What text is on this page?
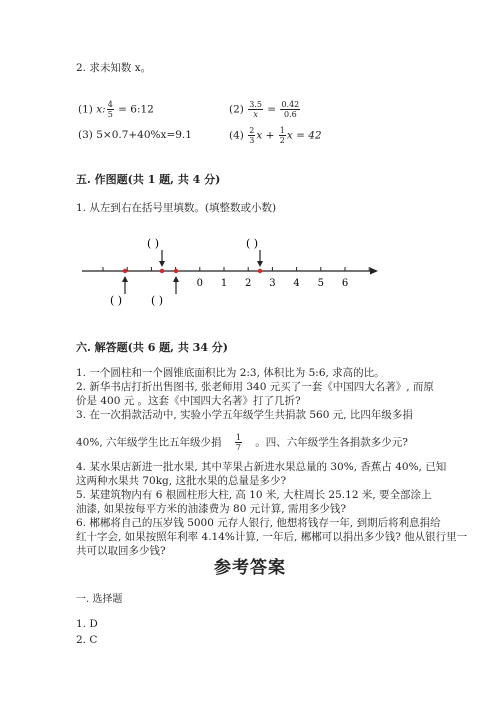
2. 求未知数 x。
(1) x: $\frac{4}{5}$ = 6:12	$(2) \frac{3.5}{x} = \frac{0.42}{0.6}$
(3) 5×0.7+40%x=9.1	$(4) \frac{2}{3}$ $x + \frac{1}{2}$ x = 42
五. 作图题(共 1 题, 共 4 分)
1. 从左到右在括号里填数。(填整数或小数)
0 1 2 3 4 5 6
( )	( )
( )	( )
六. 解答题(共 6 题, 共 34 分)
1. 一个圆柱和一个圆锥底面积比为 2:3, 体积比为 5:6, 求高的比。
2. 新华书店打折出售图书, 张老师用 340 元买了一套《中国四大名著》, 而原
价是 400 元 。这套《中国四大名著》打了几折?
3. 在一次捐款活动中, 实验小学五年级学生共捐款 560 元, 比四年级多捐
40%, 六年级学生比五年级少捐 $\frac{1}{7}$ 。四、六年级学生各捐款多少元?
4. 某水果店新进一批水果, 其中苹果占新进水果总量的 30%, 香蕉占 40%, 已知
这两种水果共 70kg, 这批水果的总量是多少?
5. 某建筑物内有 6 根圆柱形大柱, 高 10 米, 大柱周长 25.12 米, 要全部涂上
油漆, 如果按每平方米的油漆费为 80 元计算, 需用多少钱?
6. 郴郴将自己的压岁钱 5000 元存人银行, 他想将钱存一年, 到期后将利息捐给
红十字会, 如果按照年利率 4.14%计算, 一年后, 郴郴可以捐出多少钱? 他从银行里一
共可以取回多少钱?
参考答案
一. 选择题
1. D
2. C
